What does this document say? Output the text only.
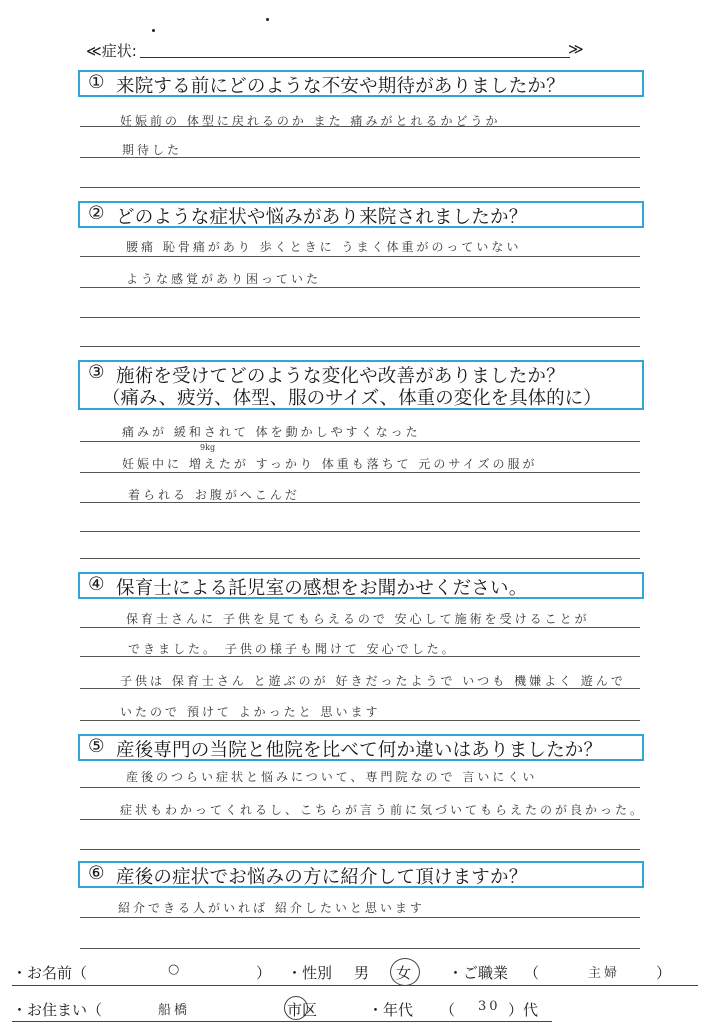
≪症状:	≫
① 来院する前にどのような不安や期待がありましたか？
妊娠前の 体型に戻れるのか また 痛みがとれるかどうか
期待した
② どのような症状や悩みがあり来院されましたか？
腰痛 恥骨痛があり 歩くときに うまく体重がのっていない
ような感覚があり困っていた
③ 施術を受けてどのような変化や改善がありましたか？
（痛み、疲労、体型、服のサイズ、体重の変化を具体的に）
痛みが 緩和されて 体を動かしやすくなった
9kg
妊娠中に 増えたが すっかり 体重も落ちて 元のサイズの服が
着られる お腹がへこんだ
④ 保育士による託児室の感想をお聞かせください。
保育士さんに 子供を見てもらえるので 安心して施術を受けることが
できました。 子供の様子も聞けて 安心でした。
子供は 保育士さん と遊ぶのが 好きだったようで いつも 機嫌よく 遊んで
いたので 預けて よかったと 思います
⑤ 産後専門の当院と他院を比べて何か違いはありましたか？
産後のつらい症状と悩みについて、専門院なので 言いにくい
症状もわかってくれるし、こちらが言う前に気づいてもらえたのが良かった。
⑥ 産後の症状でお悩みの方に紹介して頂けますか？
紹介できる人がいれば 紹介したいと思います
・お名前（	○	） ・性別 男 女 ・ご職業 （	主婦 ）
・お住まい（	船橋	市区	・年代 （ 30 ）代
